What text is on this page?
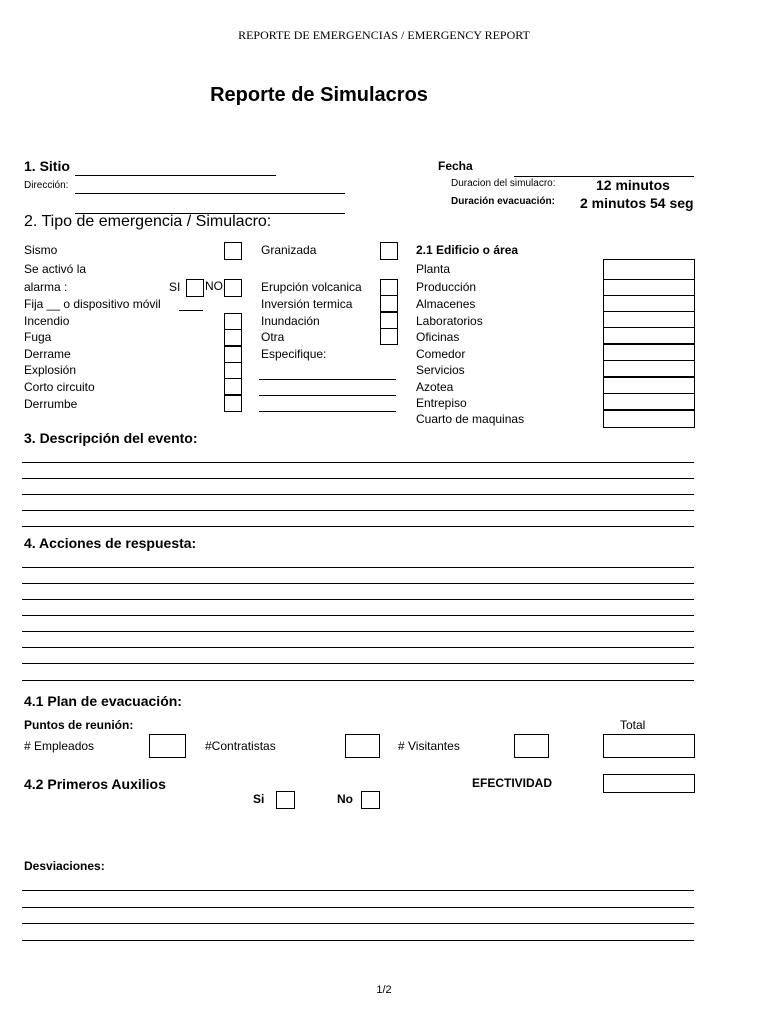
REPORTE DE EMERGENCIAS / EMERGENCY REPORT
Reporte de Simulacros
1. Sitio
Dirección:
Fecha
Duracion del simulacro:	12 minutos
Duración evacuación: 2 minutos 54 seg
2. Tipo de emergencia / Simulacro:
Sismo
Se activó la
alarma :	SI NO
Fija __ o dispositivo móvil
Incendio
Fuga
Derrame
Explosión
Corto circuito
Derrumbe
Granizada
Erupción volcanica
Inversión termica
Inundación
Otra
Especifique:
2.1 Edificio o área
Planta
Producción
Almacenes
Laboratorios
Oficinas
Comedor
Servicios
Azotea
Entrepiso
Cuarto de maquinas
3. Descripción del evento:
4. Acciones de respuesta:
4.1 Plan de evacuación:
Puntos de reunión:	Total
# Empleados	#Contratistas	# Visitantes
4.2 Primeros Auxilios	EFECTIVIDAD
Si	No
Desviaciones:
1/2
